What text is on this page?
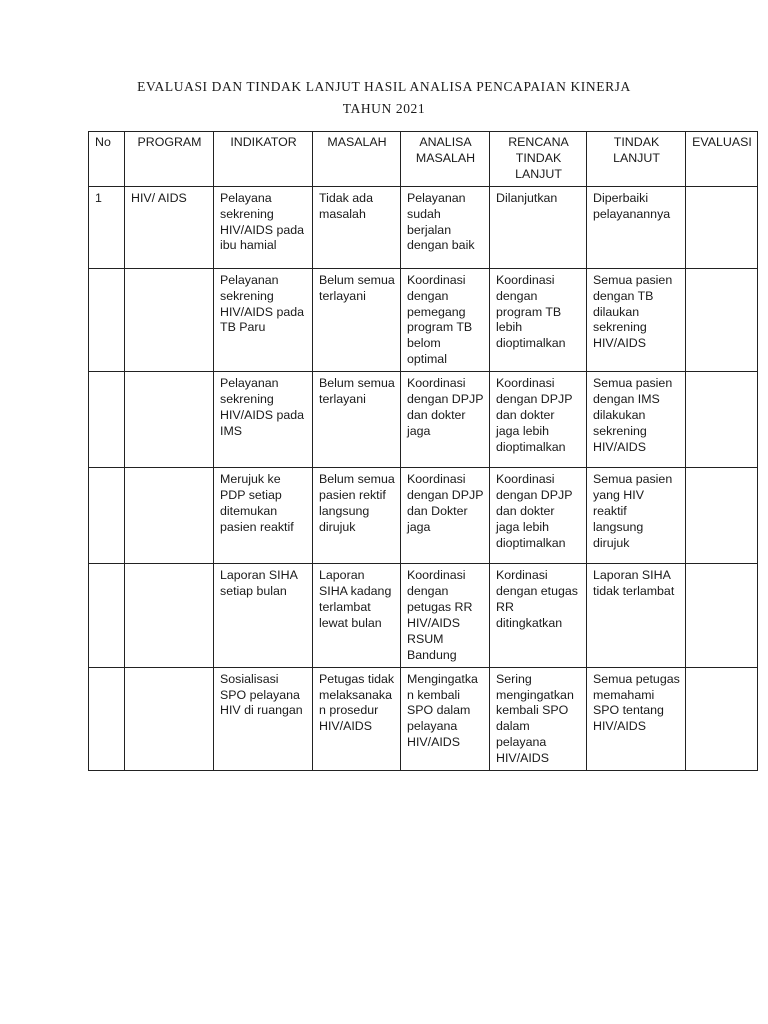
EVALUASI DAN TINDAK LANJUT HASIL ANALISA PENCAPAIAN KINERJA
TAHUN 2021
No	PROGRAM	INDIKATOR	MASALAH	ANALISA MASALAH	RENCANA TINDAK LANJUT	TINDAK LANJUT	EVALUASI
1	HIV/ AIDS	Pelayana sekrening HIV/AIDS pada ibu hamial	Tidak ada masalah	Pelayanan sudah berjalan dengan baik	Dilanjutkan	Diperbaiki pelayanannya	
		Pelayanan sekrening HIV/AIDS pada TB Paru	Belum semua terlayani	Koordinasi dengan pemegang program TB belom optimal	Koordinasi dengan program TB lebih dioptimalkan	Semua pasien dengan TB dilaukan sekrening HIV/AIDS	
		Pelayanan sekrening HIV/AIDS pada IMS	Belum semua terlayani	Koordinasi dengan DPJP dan dokter jaga	Koordinasi dengan DPJP dan dokter jaga lebih dioptimalkan	Semua pasien dengan IMS dilakukan sekrening HIV/AIDS	
		Merujuk ke PDP setiap ditemukan pasien reaktif	Belum semua pasien rektif langsung dirujuk	Koordinasi dengan DPJP dan Dokter jaga	Koordinasi dengan DPJP dan dokter jaga lebih dioptimalkan	Semua pasien yang HIV reaktif langsung dirujuk	
		Laporan SIHA setiap bulan	Laporan SIHA kadang terlambat lewat bulan	Koordinasi dengan petugas RR HIV/AIDS RSUM Bandung	Kordinasi dengan etugas RR ditingkatkan	Laporan SIHA tidak terlambat	
		Sosialisasi SPO pelayana HIV di ruangan	Petugas tidak melaksanakan prosedur HIV/AIDS	Mengingatkan kembali SPO dalam pelayana HIV/AIDS	Sering mengingatkan kembali SPO dalam pelayana HIV/AIDS	Semua petugas memahami SPO tentang HIV/AIDS	
